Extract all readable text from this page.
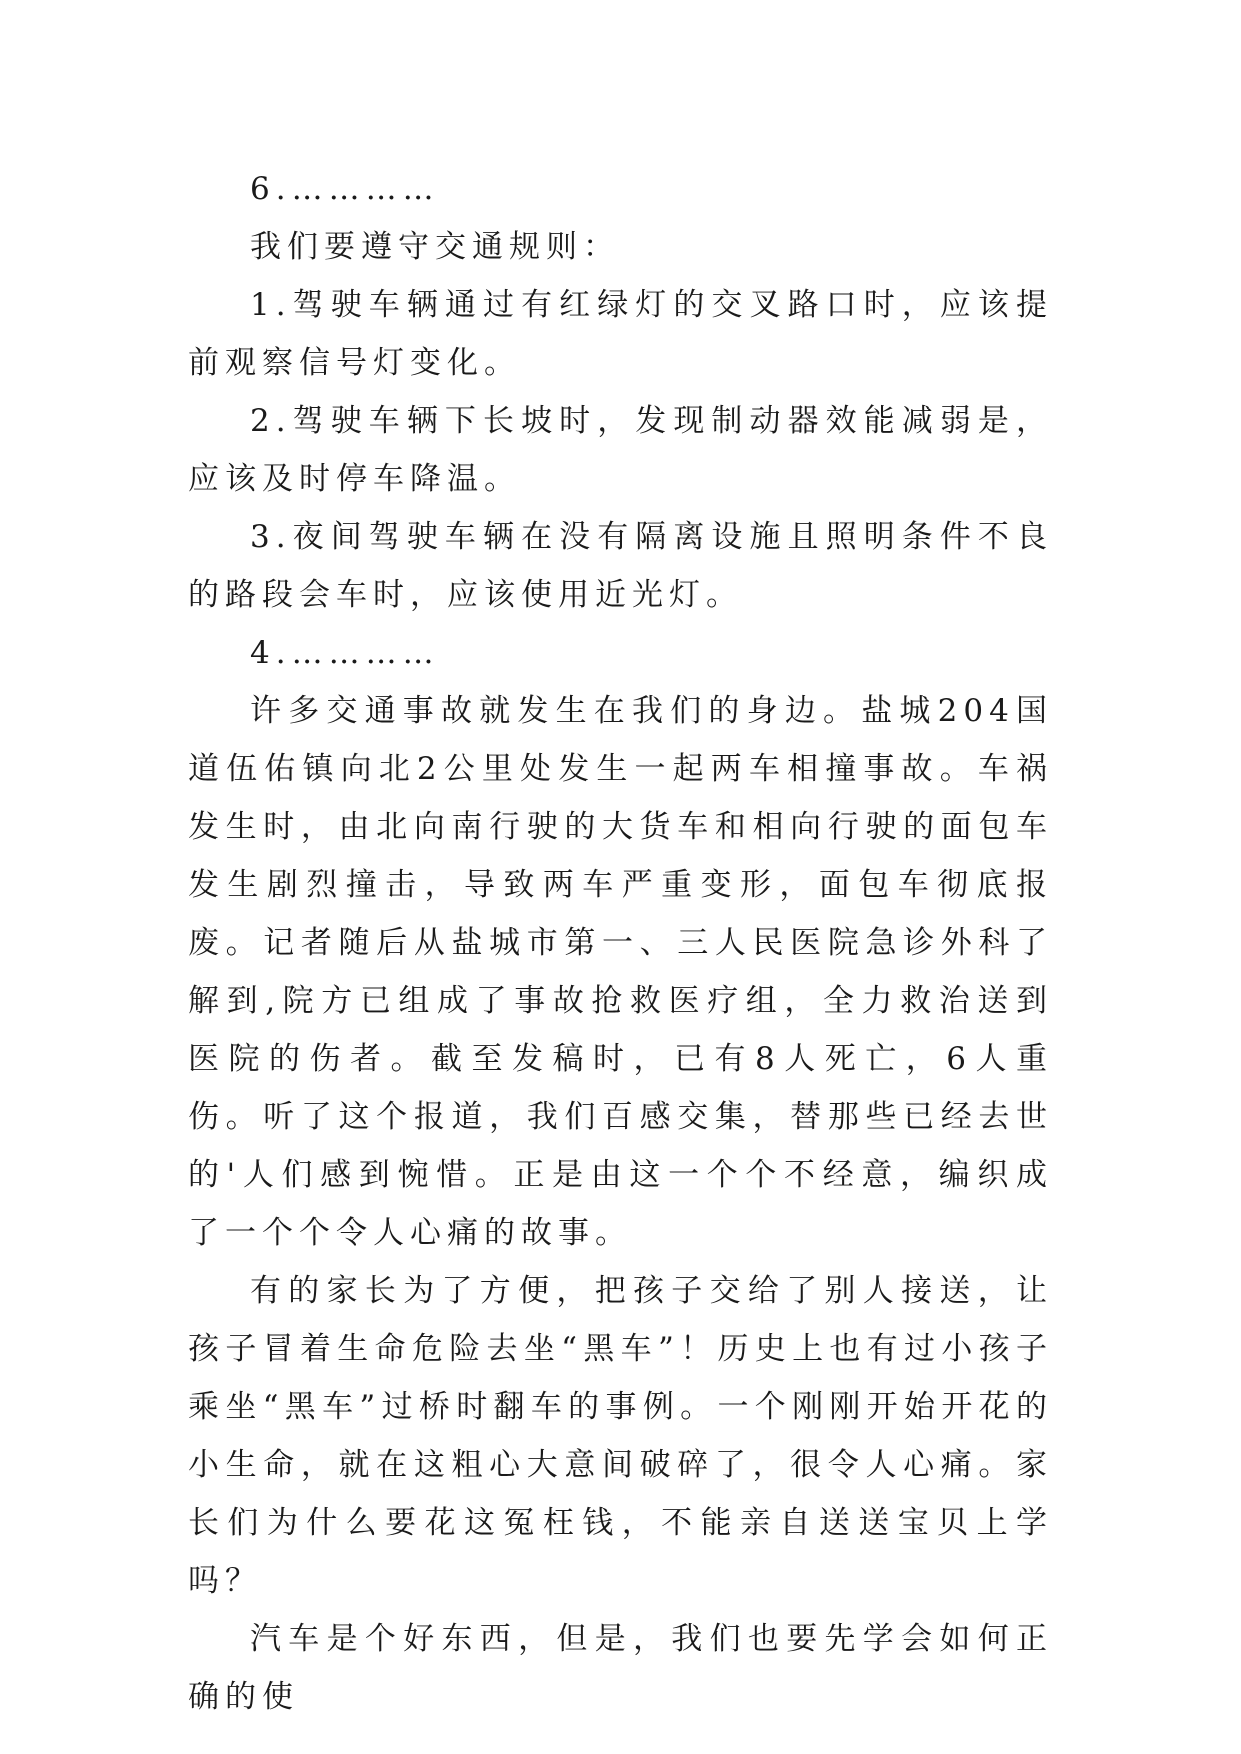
6.…………

我们要遵守交通规则：

1.驾驶车辆通过有红绿灯的交叉路口时，应该提前观察信号灯变化。

2.驾驶车辆下长坡时，发现制动器效能减弱是，应该及时停车降温。

3.夜间驾驶车辆在没有隔离设施且照明条件不良的路段会车时，应该使用近光灯。

4.…………

许多交通事故就发生在我们的身边。盐城204国道伍佑镇向北2公里处发生一起两车相撞事故。车祸发生时，由北向南行驶的大货车和相向行驶的面包车发生剧烈撞击，导致两车严重变形，面包车彻底报废。记者随后从盐城市第一、三人民医院急诊外科了解到,院方已组成了事故抢救医疗组，全力救治送到医院的伤者。截至发稿时，已有8人死亡，6人重伤。听了这个报道，我们百感交集，替那些已经去世的'人们感到惋惜。正是由这一个个不经意，编织成了一个个令人心痛的故事。

有的家长为了方便，把孩子交给了别人接送，让孩子冒着生命危险去坐“黑车”！历史上也有过小孩子乘坐“黑车”过桥时翻车的事例。一个刚刚开始开花的小生命，就在这粗心大意间破碎了，很令人心痛。家长们为什么要花这冤枉钱，不能亲自送送宝贝上学吗？

汽车是个好东西，但是，我们也要先学会如何正确的使
